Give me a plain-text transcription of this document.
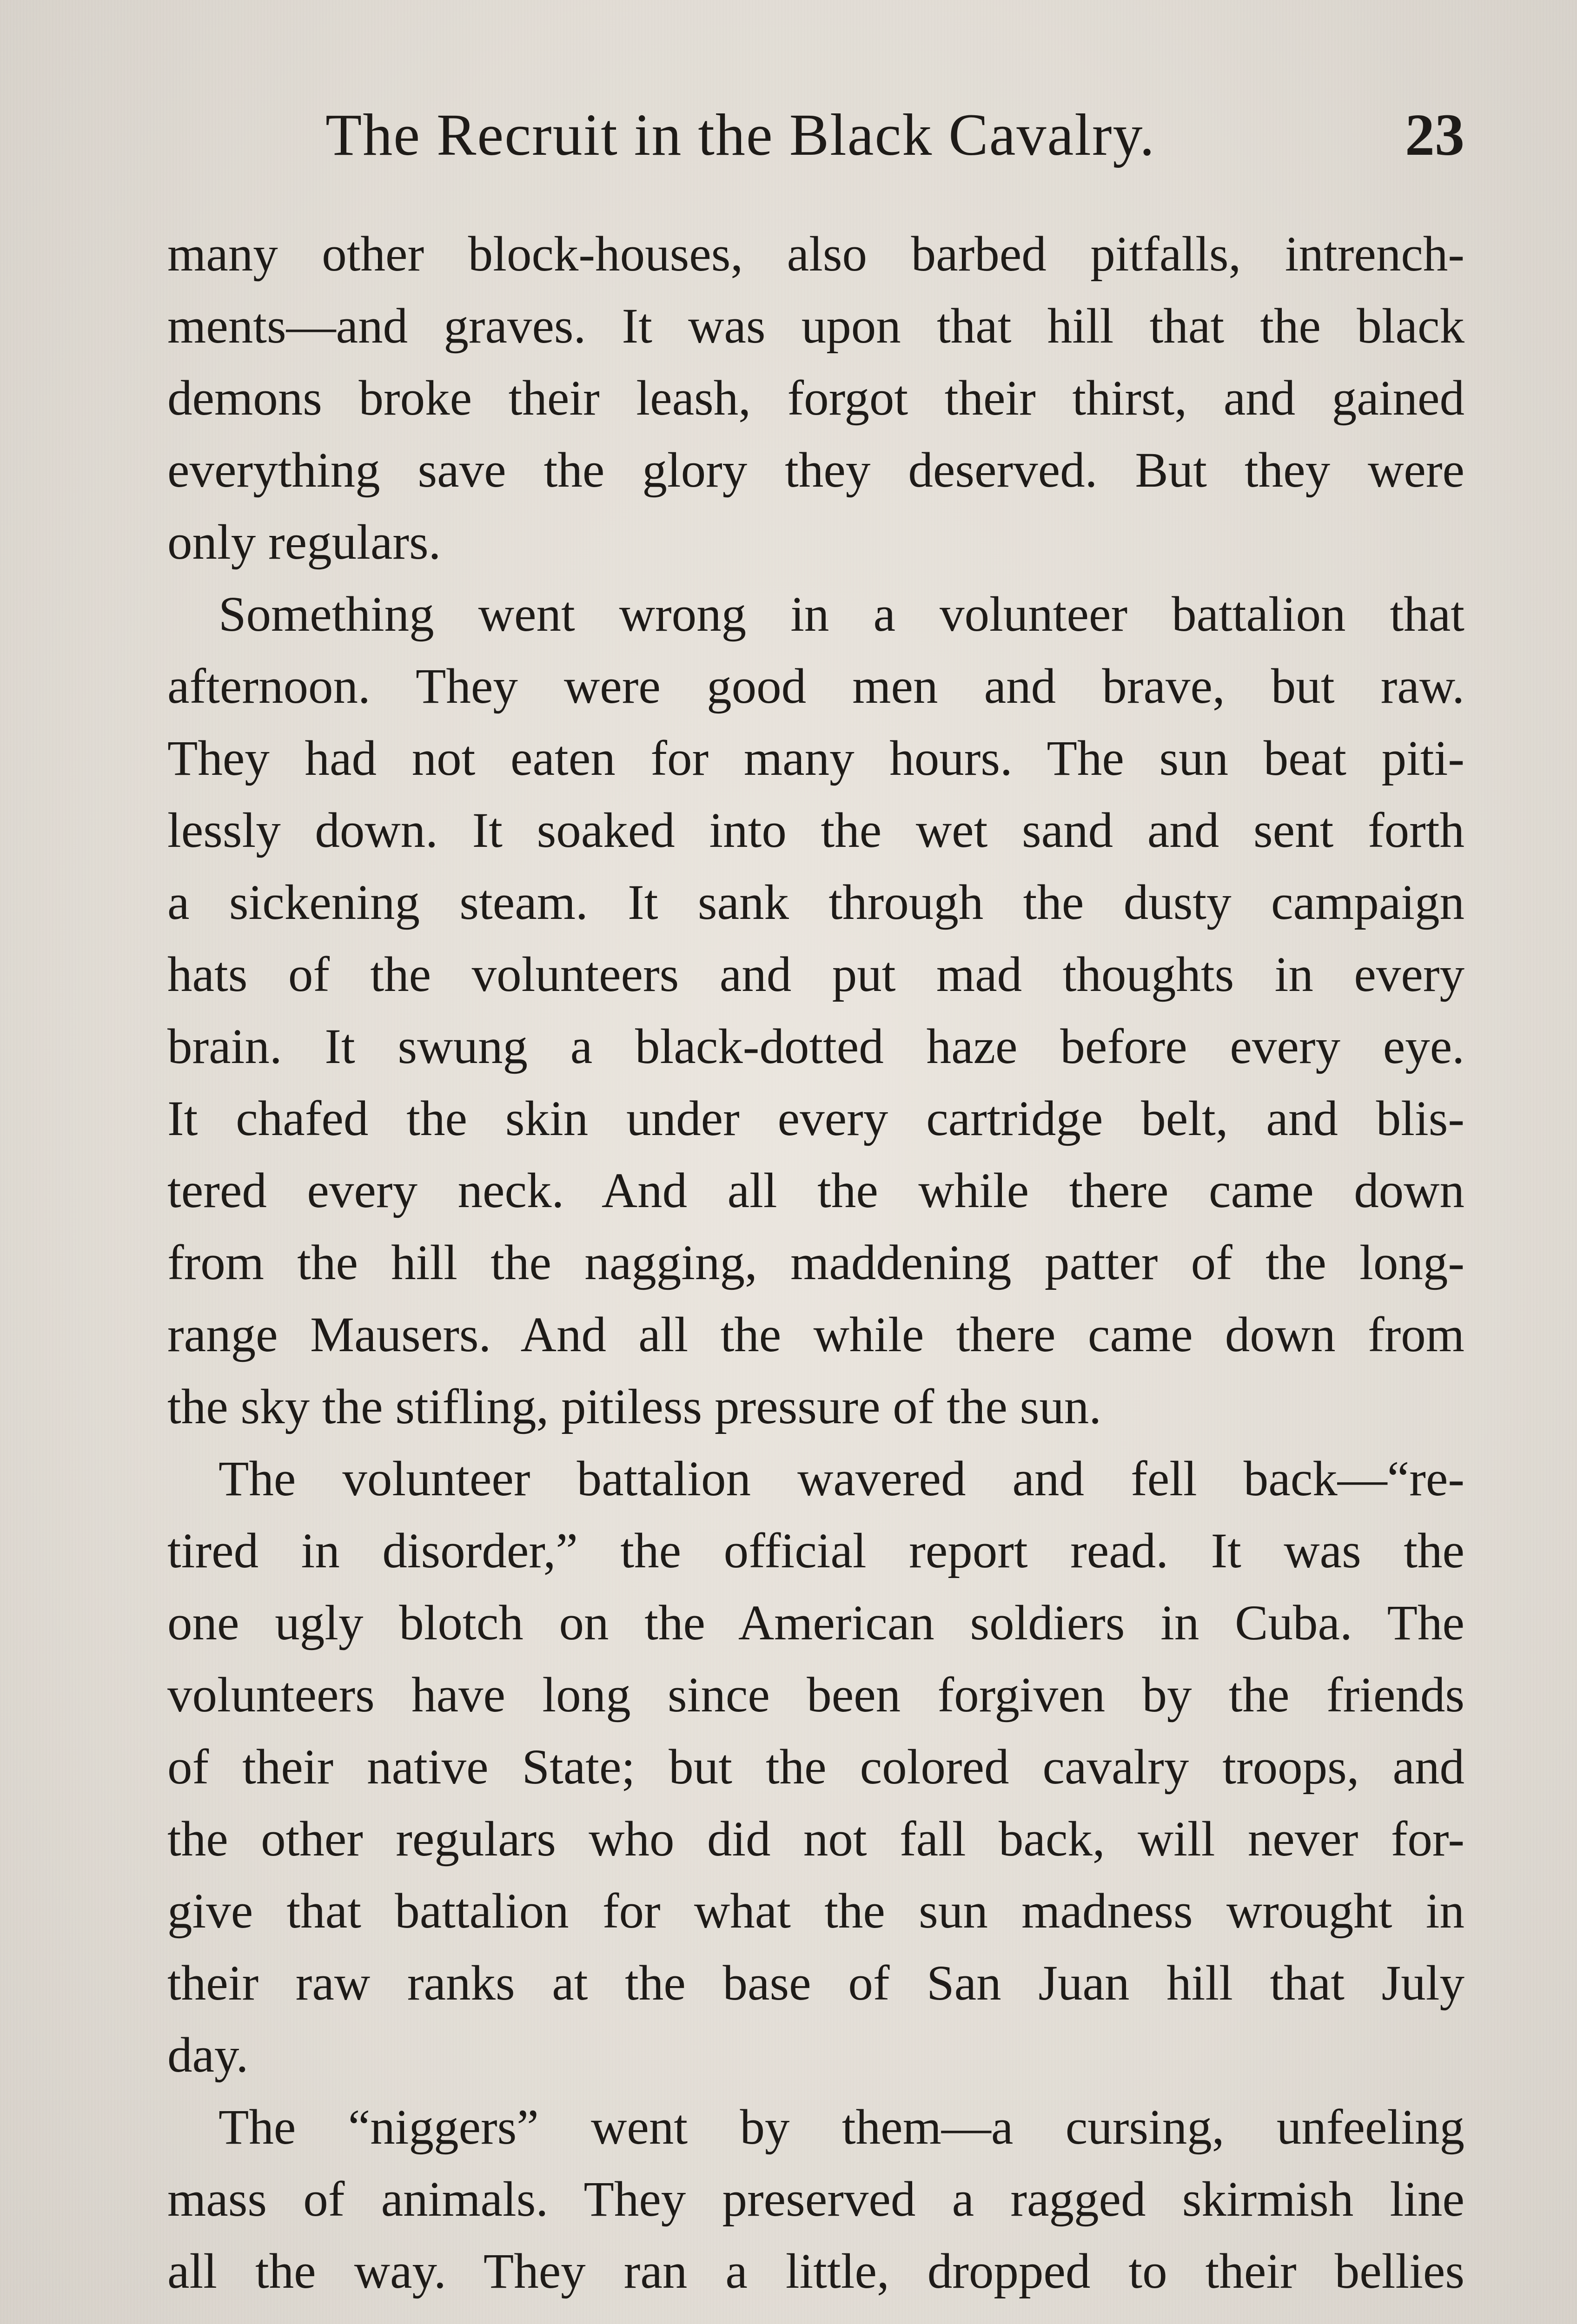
The Recruit in the Black Cavalry.	23
many other block-houses, also barbed pitfalls, intrench-
ments—and graves. It was upon that hill that the black
demons broke their leash, forgot their thirst, and gained
everything save the glory they deserved. But they were
only regulars.
Something went wrong in a volunteer battalion that
afternoon. They were good men and brave, but raw.
They had not eaten for many hours. The sun beat piti-
lessly down. It soaked into the wet sand and sent forth
a sickening steam. It sank through the dusty campaign
hats of the volunteers and put mad thoughts in every
brain. It swung a black-dotted haze before every eye.
It chafed the skin under every cartridge belt, and blis-
tered every neck. And all the while there came down
from the hill the nagging, maddening patter of the long-
range Mausers. And all the while there came down from
the sky the stifling, pitiless pressure of the sun.
The volunteer battalion wavered and fell back—“re-
tired in disorder,” the official report read. It was the
one ugly blotch on the American soldiers in Cuba. The
volunteers have long since been forgiven by the friends
of their native State; but the colored cavalry troops, and
the other regulars who did not fall back, will never for-
give that battalion for what the sun madness wrought in
their raw ranks at the base of San Juan hill that July
day.
The “niggers” went by them—a cursing, unfeeling
mass of animals. They preserved a ragged skirmish line
all the way. They ran a little, dropped to their bellies
